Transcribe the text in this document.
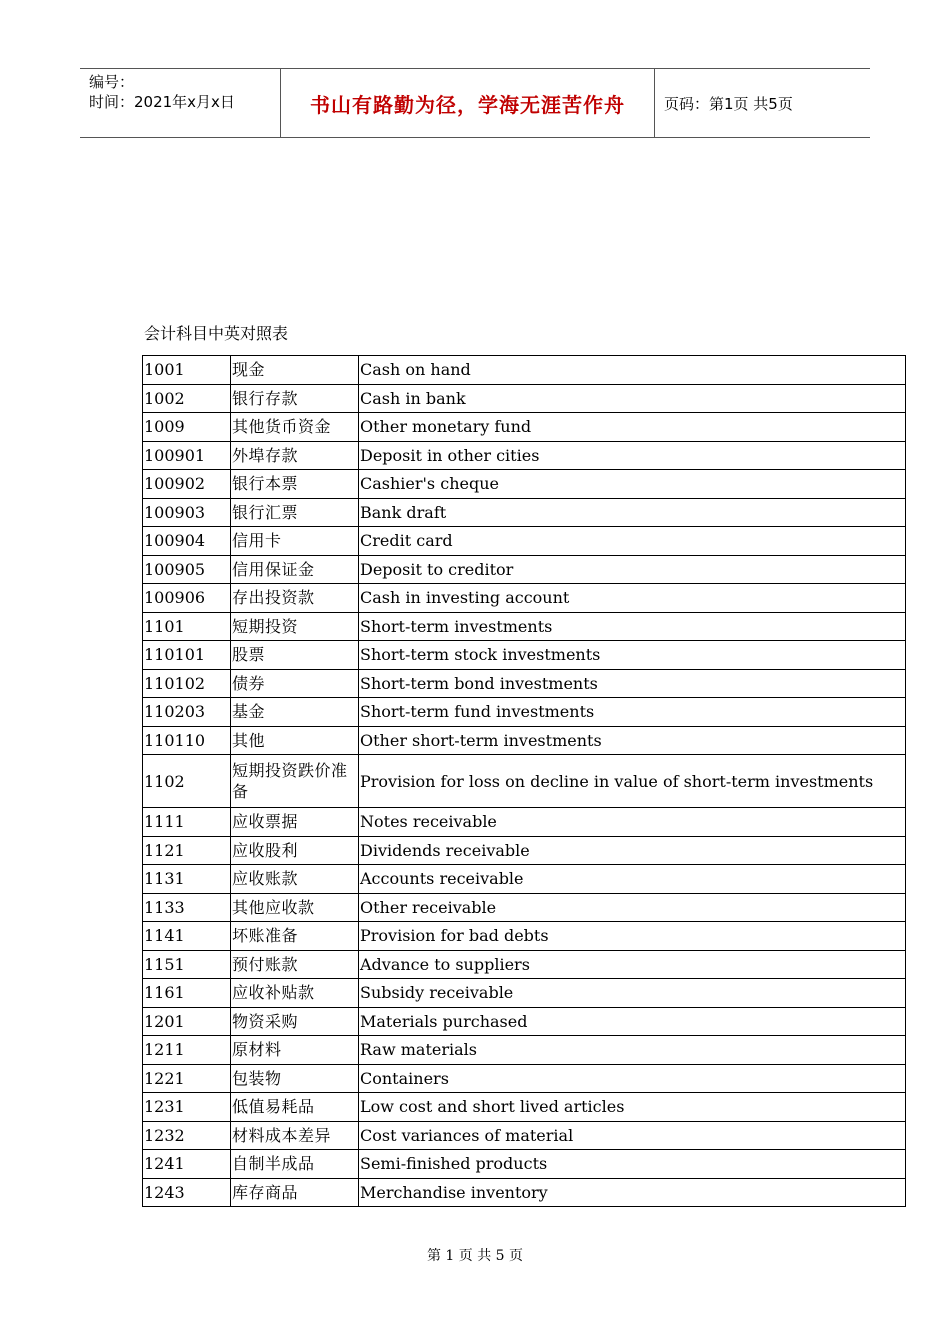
编号：
时间：2021年x月x日	书山有路勤为径，学海无涯苦作舟	页码：第1页 共5页
会计科目中英对照表
1001	现金	Cash on hand
1002	银行存款	Cash in bank
1009	其他货币资金	Other monetary fund
100901	外埠存款	Deposit in other cities
100902	银行本票	Cashier's cheque
100903	银行汇票	Bank draft
100904	信用卡	Credit card
100905	信用保证金	Deposit to creditor
100906	存出投资款	Cash in investing account
1101	短期投资	Short-term investments
110101	股票	Short-term stock investments
110102	债券	Short-term bond investments
110203	基金	Short-term fund investments
110110	其他	Other short-term investments
1102	短期投资跌价准备	Provision for loss on decline in value of short-term investments
1111	应收票据	Notes receivable
1121	应收股利	Dividends receivable
1131	应收账款	Accounts receivable
1133	其他应收款	Other receivable
1141	坏账准备	Provision for bad debts
1151	预付账款	Advance to suppliers
1161	应收补贴款	Subsidy receivable
1201	物资采购	Materials purchased
1211	原材料	Raw materials
1221	包装物	Containers
1231	低值易耗品	Low cost and short lived articles
1232	材料成本差异	Cost variances of material
1241	自制半成品	Semi-finished products
1243	库存商品	Merchandise inventory
第 1 页 共 5 页
